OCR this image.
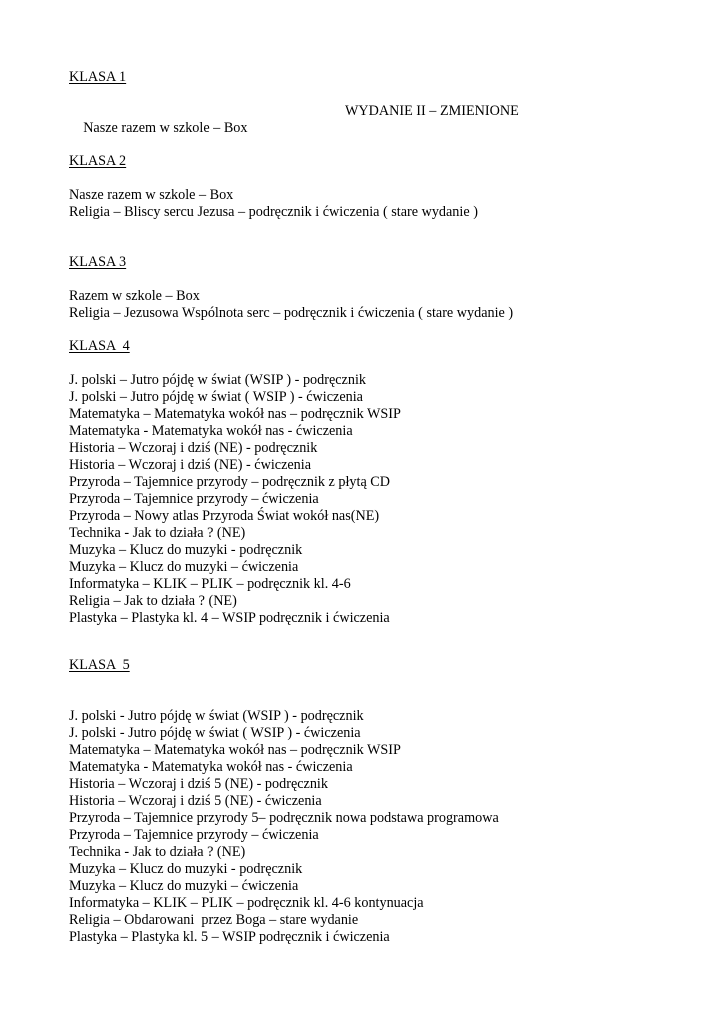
KLASA 1

Nasze razem w szkole – Box

WYDANIE II – ZMIENIONE

KLASA 2
Nasze razem w szkole – Box
Religia – Bliscy sercu Jezusa – podręcznik i ćwiczenia ( stare wydanie )
KLASA 3
Razem w szkole – Box
Religia – Jezusowa Wspólnota serc – podręcznik i ćwiczenia ( stare wydanie )
KLASA  4
J. polski – Jutro pójdę w świat (WSIP ) - podręcznik
J. polski – Jutro pójdę w świat ( WSIP ) - ćwiczenia
Matematyka – Matematyka wokół nas – podręcznik WSIP
Matematyka - Matematyka wokół nas - ćwiczenia
Historia – Wczoraj i dziś (NE) - podręcznik
Historia – Wczoraj i dziś (NE) - ćwiczenia
Przyroda – Tajemnice przyrody – podręcznik z płytą CD
Przyroda – Tajemnice przyrody – ćwiczenia
Przyroda – Nowy atlas Przyroda Świat wokół nas(NE)
Technika - Jak to działa ? (NE)
Muzyka – Klucz do muzyki - podręcznik
Muzyka – Klucz do muzyki – ćwiczenia
Informatyka – KLIK – PLIK – podręcznik kl. 4-6
Religia – Jak to działa ? (NE)
Plastyka – Plastyka kl. 4 – WSIP podręcznik i ćwiczenia
KLASA  5
J. polski - Jutro pójdę w świat (WSIP ) - podręcznik
J. polski - Jutro pójdę w świat ( WSIP ) - ćwiczenia
Matematyka – Matematyka wokół nas – podręcznik WSIP
Matematyka - Matematyka wokół nas - ćwiczenia
Historia – Wczoraj i dziś 5 (NE) - podręcznik
Historia – Wczoraj i dziś 5 (NE) - ćwiczenia
Przyroda – Tajemnice przyrody 5– podręcznik nowa podstawa programowa
Przyroda – Tajemnice przyrody – ćwiczenia
Technika - Jak to działa ? (NE)
Muzyka – Klucz do muzyki - podręcznik
Muzyka – Klucz do muzyki – ćwiczenia
Informatyka – KLIK – PLIK – podręcznik kl. 4-6 kontynuacja
Religia – Obdarowani  przez Boga – stare wydanie
Plastyka – Plastyka kl. 5 – WSIP podręcznik i ćwiczenia
